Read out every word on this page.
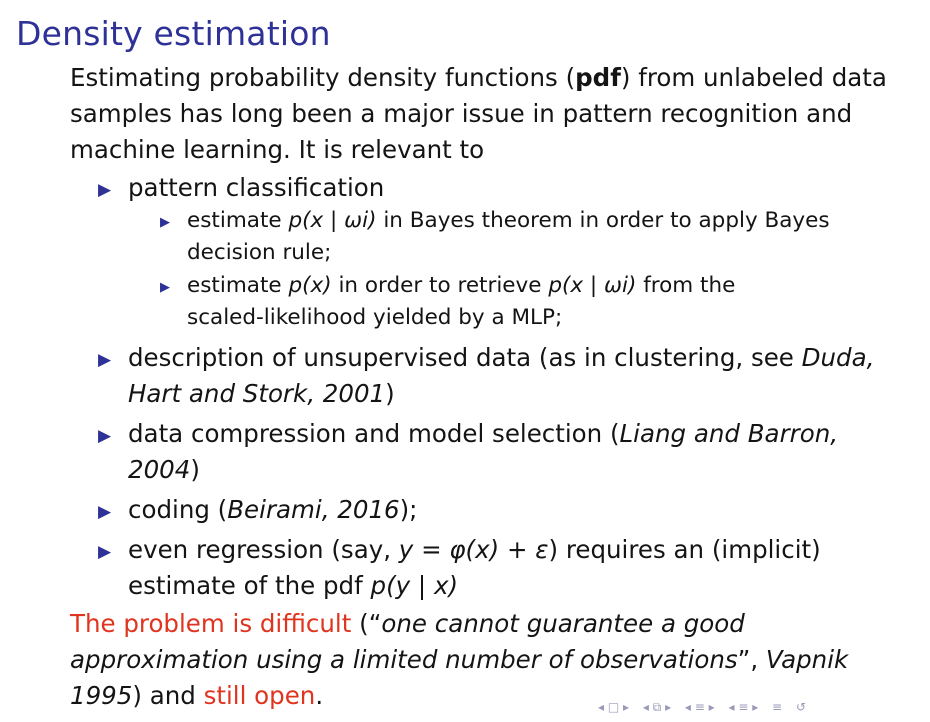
Density estimation
Estimating probability density functions (pdf) from unlabeled data
samples has long been a major issue in pattern recognition and
machine learning. It is relevant to
▶ pattern classification
▶ estimate p(x | ωi) in Bayes theorem in order to apply Bayes
decision rule;
▶ estimate p(x) in order to retrieve p(x | ωi) from the
scaled-likelihood yielded by a MLP;
▶ description of unsupervised data (as in clustering, see Duda,
Hart and Stork, 2001)
▶ data compression and model selection (Liang and Barron,
2004)
▶ coding (Beirami, 2016);
▶ even regression (say, y = φ(x) + ε) requires an (implicit)
estimate of the pdf p(y | x)
The problem is difficult (“one cannot guarantee a good
approximation using a limited number of observations”, Vapnik
1995) and still open.	◂ □ ▸ ◂ ⧉ ▸ ◂ ≡ ▸ ◂ ≡ ▸ ≡ ↺
